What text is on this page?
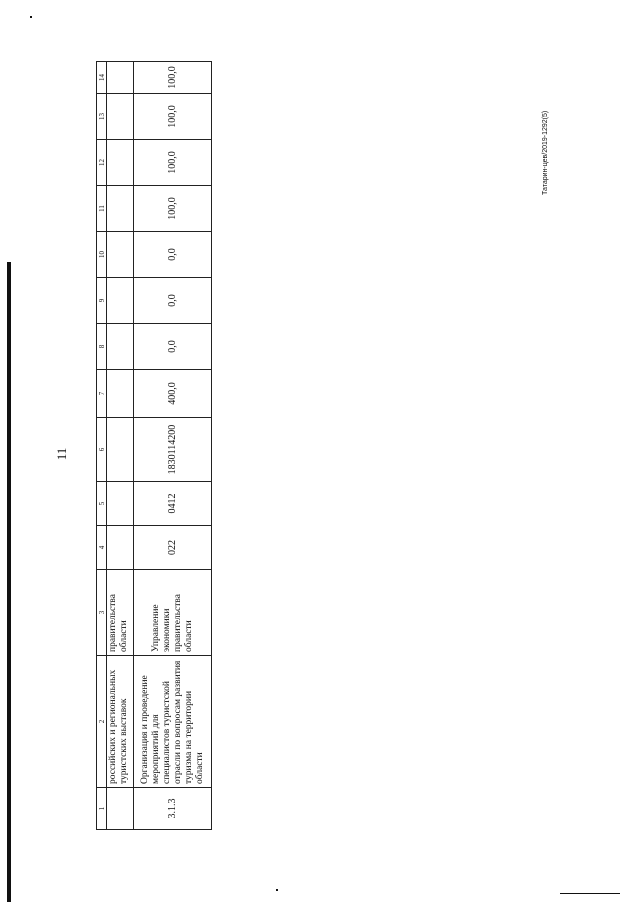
11
Татарин-цев/2019-1292(5)
1	2	3	4	5	6	7	8	9	10	11	12	13	14
	российских и региональных туристских выставок	правительства области											
3.1.3	Организация и проведение мероприятий для специалистов туристской отрасли по вопросам развития туризма на территории области	Управление экономики правительства области	022	0412	1830114200	400,0	0,0	0,0	0,0	100,0	100,0	100,0	100,0
